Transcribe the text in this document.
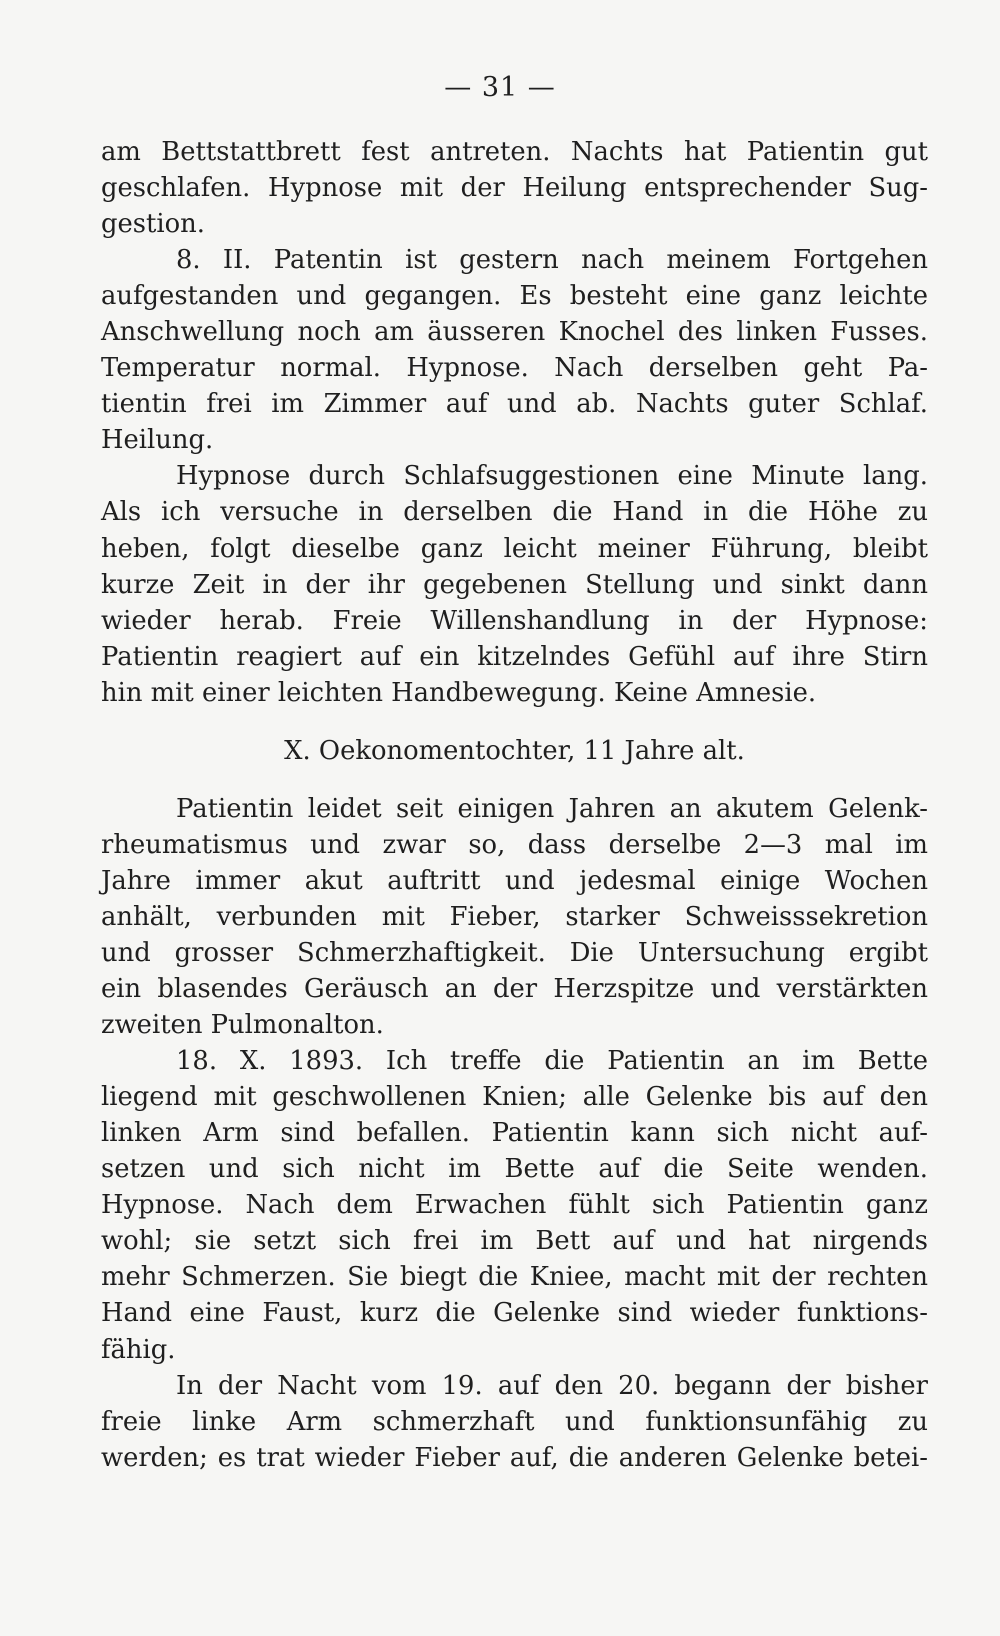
— 31 —
am Bettstattbrett fest antreten. Nachts hat Patientin gut
geschlafen. Hypnose mit der Heilung entsprechender Sug-
gestion.
8. II. Patentin ist gestern nach meinem Fortgehen
aufgestanden und gegangen. Es besteht eine ganz leichte
Anschwellung noch am äusseren Knochel des linken Fusses.
Temperatur normal. Hypnose. Nach derselben geht Pa-
tientin frei im Zimmer auf und ab. Nachts guter Schlaf.
Heilung.
Hypnose durch Schlafsuggestionen eine Minute lang.
Als ich versuche in derselben die Hand in die Höhe zu
heben, folgt dieselbe ganz leicht meiner Führung, bleibt
kurze Zeit in der ihr gegebenen Stellung und sinkt dann
wieder herab. Freie Willenshandlung in der Hypnose:
Patientin reagiert auf ein kitzelndes Gefühl auf ihre Stirn
hin mit einer leichten Handbewegung. Keine Amnesie.
X. Oekonomentochter, 11 Jahre alt.
Patientin leidet seit einigen Jahren an akutem Gelenk-
rheumatismus und zwar so, dass derselbe 2—3 mal im
Jahre immer akut auftritt und jedesmal einige Wochen
anhält, verbunden mit Fieber, starker Schweisssekretion
und grosser Schmerzhaftigkeit. Die Untersuchung ergibt
ein blasendes Geräusch an der Herzspitze und verstärkten
zweiten Pulmonalton.
18. X. 1893. Ich treffe die Patientin an im Bette
liegend mit geschwollenen Knien; alle Gelenke bis auf den
linken Arm sind befallen. Patientin kann sich nicht auf-
setzen und sich nicht im Bette auf die Seite wenden.
Hypnose. Nach dem Erwachen fühlt sich Patientin ganz
wohl; sie setzt sich frei im Bett auf und hat nirgends
mehr Schmerzen. Sie biegt die Kniee, macht mit der rechten
Hand eine Faust, kurz die Gelenke sind wieder funktions-
fähig.
In der Nacht vom 19. auf den 20. begann der bisher
freie linke Arm schmerzhaft und funktionsunfähig zu
werden; es trat wieder Fieber auf, die anderen Gelenke betei-
